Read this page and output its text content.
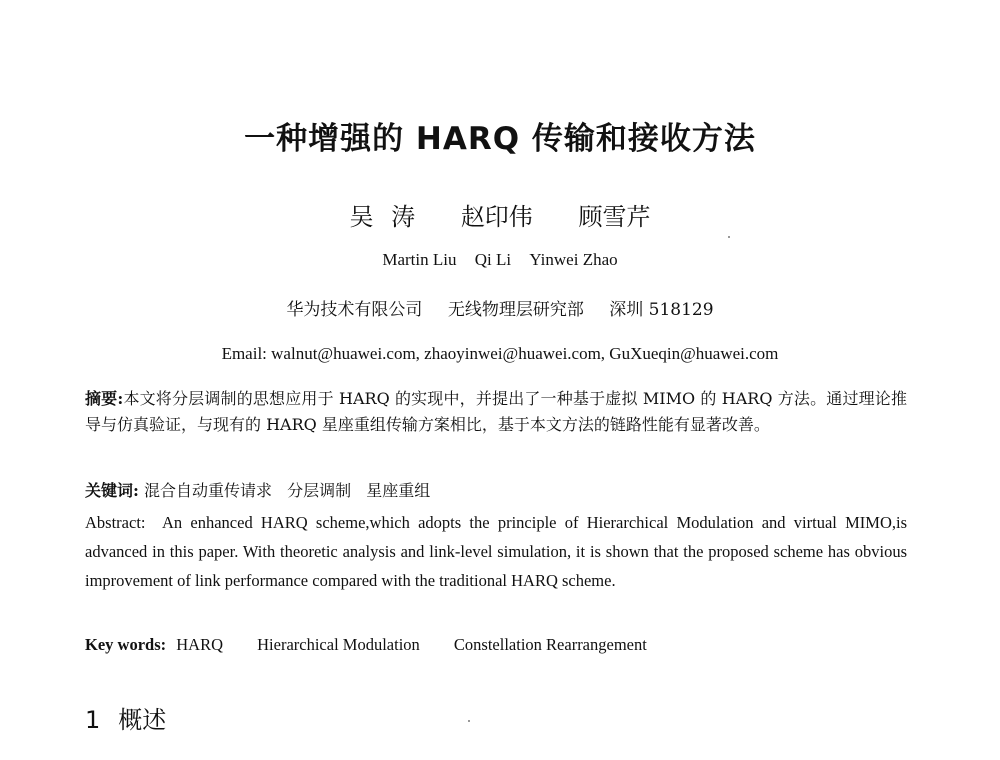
一种增强的 HARQ 传输和接收方法
吴 涛 赵印伟 顾雪芹
Martin Liu Qi Li Yinwei Zhao
华为技术有限公司 无线物理层研究部 深圳 518129
Email: walnut@huawei.com, zhaoyinwei@huawei.com, GuXueqin@huawei.com
摘要:本文将分层调制的思想应用于 HARQ 的实现中，并提出了一种基于虚拟 MIMO 的 HARQ 方法。通过理论推导与仿真验证，与现有的 HARQ 星座重组传输方案相比，基于本文方法的链路性能有显著改善。
关键词: 混合自动重传请求 分层调制 星座重组
Abstract: An enhanced HARQ scheme,which adopts the principle of Hierarchical Modulation and virtual MIMO,is advanced in this paper. With theoretic analysis and link-level simulation, it is shown that the proposed scheme has obvious improvement of link performance compared with the traditional HARQ scheme.
Key words: HARQ Hierarchical Modulation Constellation Rearrangement
1 概述
